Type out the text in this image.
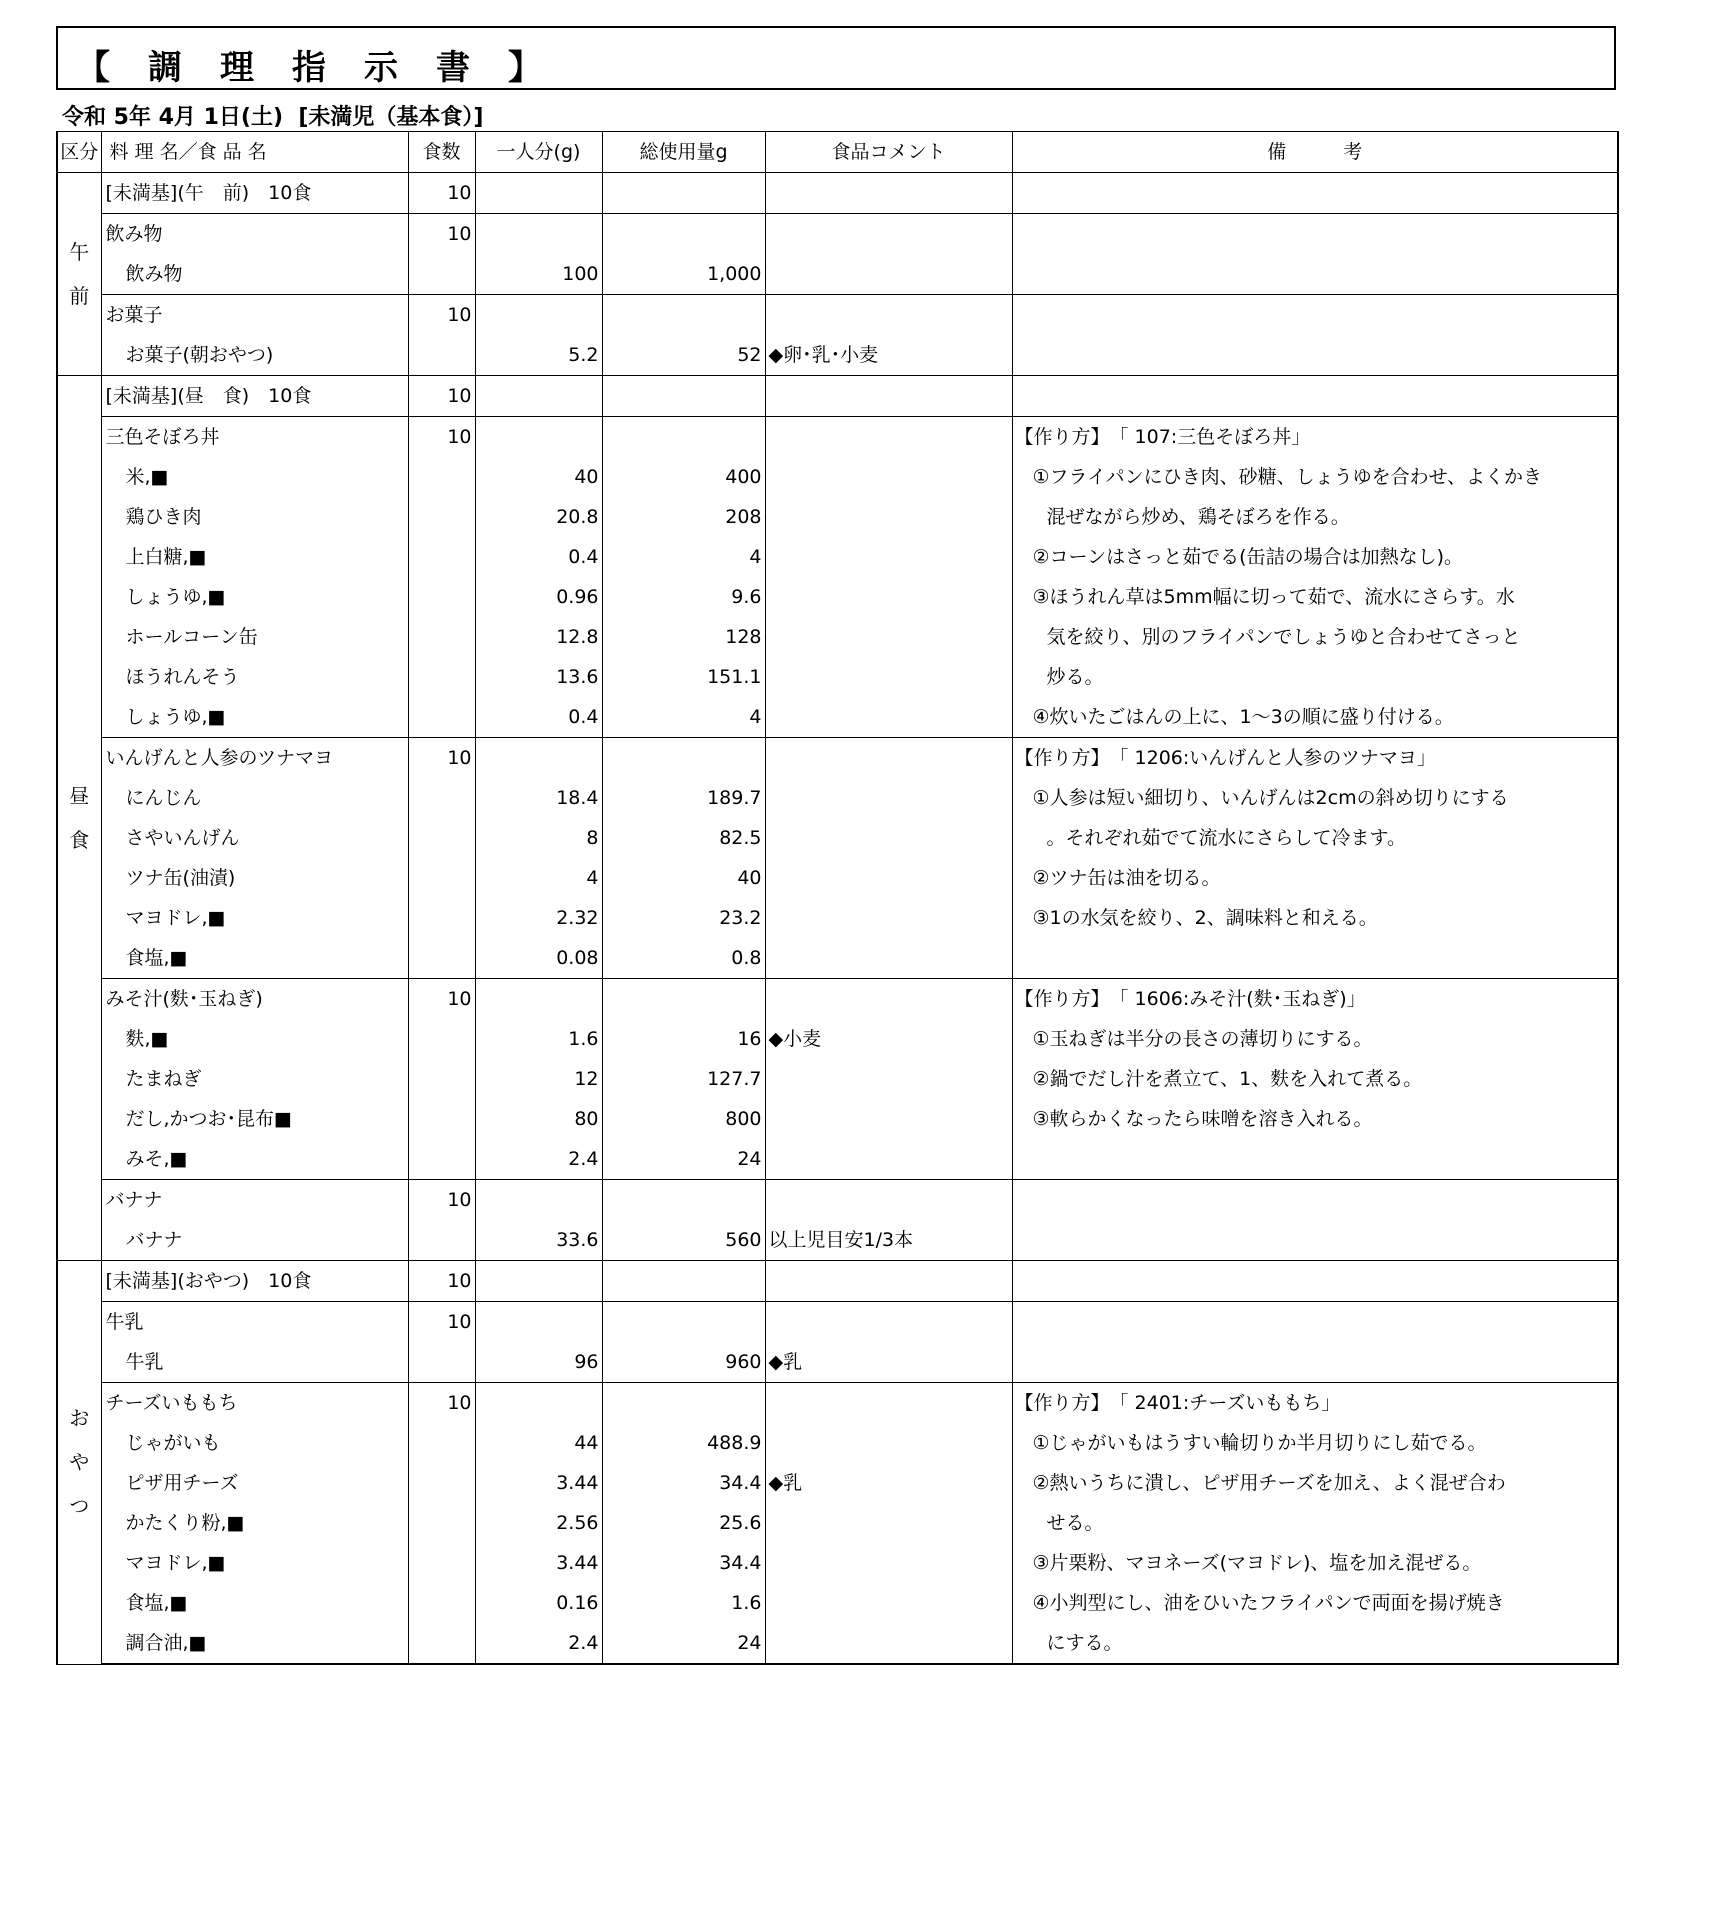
【　調　理　指　示　書　】
令和 5年 4月 1日(土)  [未満児（基本食）]
区分	料 理 名／食 品 名	食数	一人分(g)	総使用量g	食品コメント	備　　　考

午
前	[未満基](午　前)　10食	10				
	飲み物	10				
	飲み物		100	1,000		
	お菓子	10				
	お菓子(朝おやつ)		5.2	52	◆卵･乳･小麦	

昼
食	[未満基](昼　食)　10食	10				
	三色そぼろ丼	10				【作り方】　「 107:三色そぼろ丼」
	米,■		40	400		①フライパンにひき肉、砂糖、しょうゆを合わせ、よくかき
	鶏ひき肉		20.8	208		混ぜながら炒め、鶏そぼろを作る。
	上白糖,■		0.4	4		②コーンはさっと茹でる(缶詰の場合は加熱なし)。
	しょうゆ,■		0.96	9.6		③ほうれん草は5mm幅に切って茹で、流水にさらす。水
	ホールコーン缶		12.8	128		気を絞り、別のフライパンでしょうゆと合わせてさっと
	ほうれんそう		13.6	151.1		炒る。
	しょうゆ,■		0.4	4		④炊いたごはんの上に、1～3の順に盛り付ける。
	いんげんと人参のツナマヨ	10				【作り方】　「 1206:いんげんと人参のツナマヨ」
	にんじん		18.4	189.7		①人参は短い細切り、いんげんは2cmの斜め切りにする
	さやいんげん		8	82.5		。それぞれ茹でて流水にさらして冷ます。
	ツナ缶(油漬)		4	40		②ツナ缶は油を切る。
	マヨドレ,■		2.32	23.2		③1の水気を絞り、2、調味料と和える。
	食塩,■		0.08	0.8		
	みそ汁(麩･玉ねぎ)	10				【作り方】　「 1606:みそ汁(麩･玉ねぎ)」
	麩,■		1.6	16	◆小麦	①玉ねぎは半分の長さの薄切りにする。
	たまねぎ		12	127.7		②鍋でだし汁を煮立て、1、麩を入れて煮る。
	だし,かつお･昆布■		80	800		③軟らかくなったら味噌を溶き入れる。
	みそ,■		2.4	24		
	バナナ	10				
	バナナ		33.6	560	以上児目安1/3本	

お
や
つ	[未満基](おやつ)　10食	10				
	牛乳	10				
	牛乳		96	960	◆乳	
	チーズいももち	10				【作り方】　「 2401:チーズいももち」
	じゃがいも		44	488.9		①じゃがいもはうすい輪切りか半月切りにし茹でる。
	ピザ用チーズ		3.44	34.4	◆乳	②熱いうちに潰し、ピザ用チーズを加え、よく混ぜ合わ
	かたくり粉,■		2.56	25.6		せる。
	マヨドレ,■		3.44	34.4		③片栗粉、マヨネーズ(マヨドレ)、塩を加え混ぜる。
	食塩,■		0.16	1.6		④小判型にし、油をひいたフライパンで両面を揚げ焼き
	調合油,■		2.4	24		にする。
